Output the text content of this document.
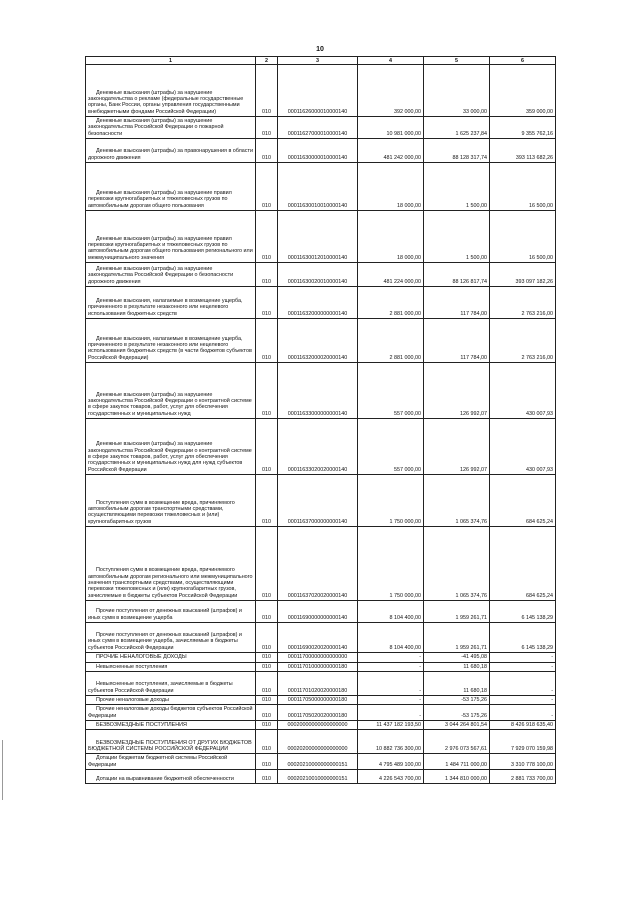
10
1	2	3	4	5	6

Денежные взыскания (штрафы) за нарушение законодательства о рекламе (федеральные государственные органы, Банк России, органы управления государственными внебюджетными фондами Российской Федерации)	010	00011626000010000140	392 000,00	33 000,00	359 000,00

Денежные взыскания (штрафы) за нарушение законодательства Российской Федерации о пожарной безопасности	010	00011627000010000140	10 981 000,00	1 625 237,84	9 355 762,16

Денежные взыскания (штрафы) за правонарушения в области дорожного движения	010	00011630000010000140	481 242 000,00	88 128 317,74	393 113 682,26

Денежные взыскания (штрафы) за нарушение правил перевозки крупногабаритных и тяжеловесных грузов по автомобильным дорогам общего пользования	010	00011630010010000140	18 000,00	1 500,00	16 500,00

Денежные взыскания (штрафы) за нарушение правил перевозки крупногабаритных и тяжеловесных грузов по автомобильным дорогам общего пользования регионального или межмуниципального значения	010	00011630012010000140	18 000,00	1 500,00	16 500,00

Денежные взыскания (штрафы) за нарушение законодательства Российской Федерации о безопасности дорожного движения	010	00011630020010000140	481 224 000,00	88 126 817,74	393 097 182,26

Денежные взыскания, налагаемые в возмещение ущерба, причиненного в результате незаконного или нецелевого использования бюджетных средств	010	00011632000000000140	2 881 000,00	117 784,00	2 763 216,00

Денежные взыскания, налагаемые в возмещение ущерба, причиненного в результате незаконного или нецелевого использования бюджетных средств (в части бюджетов субъектов Российской Федерации)	010	00011632000020000140	2 881 000,00	117 784,00	2 763 216,00

Денежные взыскания (штрафы) за нарушение законодательства Российской Федерации о контрактной системе в сфере закупок товаров, работ, услуг для обеспечения государственных и муниципальных нужд	010	00011633000000000140	557 000,00	126 992,07	430 007,93

Денежные взыскания (штрафы) за нарушение законодательства Российской Федерации о контрактной системе в сфере закупок товаров, работ, услуг для обеспечения государственных и муниципальных нужд для нужд субъектов Российской Федерации	010	00011633020020000140	557 000,00	126 992,07	430 007,93

Поступления сумм в возмещение вреда, причиняемого автомобильным дорогам транспортными средствами, осуществляющими перевозки тяжеловесных и (или) крупногабаритных грузов	010	00011637000000000140	1 750 000,00	1 065 374,76	684 625,24

Поступления сумм в возмещение вреда, причиняемого автомобильным дорогам регионального или межмуниципального значения транспортными средствами, осуществляющими перевозки тяжеловесных и (или) крупногабаритных грузов, зачисляемые в бюджеты субъектов Российской Федерации	010	00011637020020000140	1 750 000,00	1 065 374,76	684 625,24

Прочие поступления от денежных взысканий (штрафов) и иных сумм в возмещение ущерба	010	00011690000000000140	8 104 400,00	1 959 261,71	6 145 138,29

Прочие поступления от денежных взысканий (штрафов) и иных сумм в возмещение ущерба, зачисляемые в бюджеты субъектов Российской Федерации	010	00011690020020000140	8 104 400,00	1 959 261,71	6 145 138,29

ПРОЧИЕ НЕНАЛОГОВЫЕ ДОХОДЫ	010	00011700000000000000	-	-41 495,08	-

Невыясненные поступления	010	00011701000000000180	-	11 680,18	-

Невыясненные поступления, зачисляемые в бюджеты субъектов Российской Федерации	010	00011701020020000180	-	11 680,18	-

Прочие неналоговые доходы	010	00011705000000000180	-	-53 175,26	-

Прочие неналоговые доходы бюджетов субъектов Российской Федерации	010	00011705020020000180	-	-53 175,26	-

БЕЗВОЗМЕЗДНЫЕ ПОСТУПЛЕНИЯ	010	00020000000000000000	11 437 182 193,50	3 044 264 801,54	8 426 918 635,40

БЕЗВОЗМЕЗДНЫЕ ПОСТУПЛЕНИЯ ОТ ДРУГИХ БЮДЖЕТОВ БЮДЖЕТНОЙ СИСТЕМЫ РОССИЙСКОЙ ФЕДЕРАЦИИ	010	00020200000000000000	10 882 736 300,00	2 976 073 567,61	7 929 070 159,98

Дотации бюджетам бюджетной системы Российской Федерации	010	00020210000000000151	4 795 489 100,00	1 484 711 000,00	3 310 778 100,00

Дотации на выравнивание бюджетной обеспеченности	010	00020210010000000151	4 226 543 700,00	1 344 810 000,00	2 881 733 700,00
